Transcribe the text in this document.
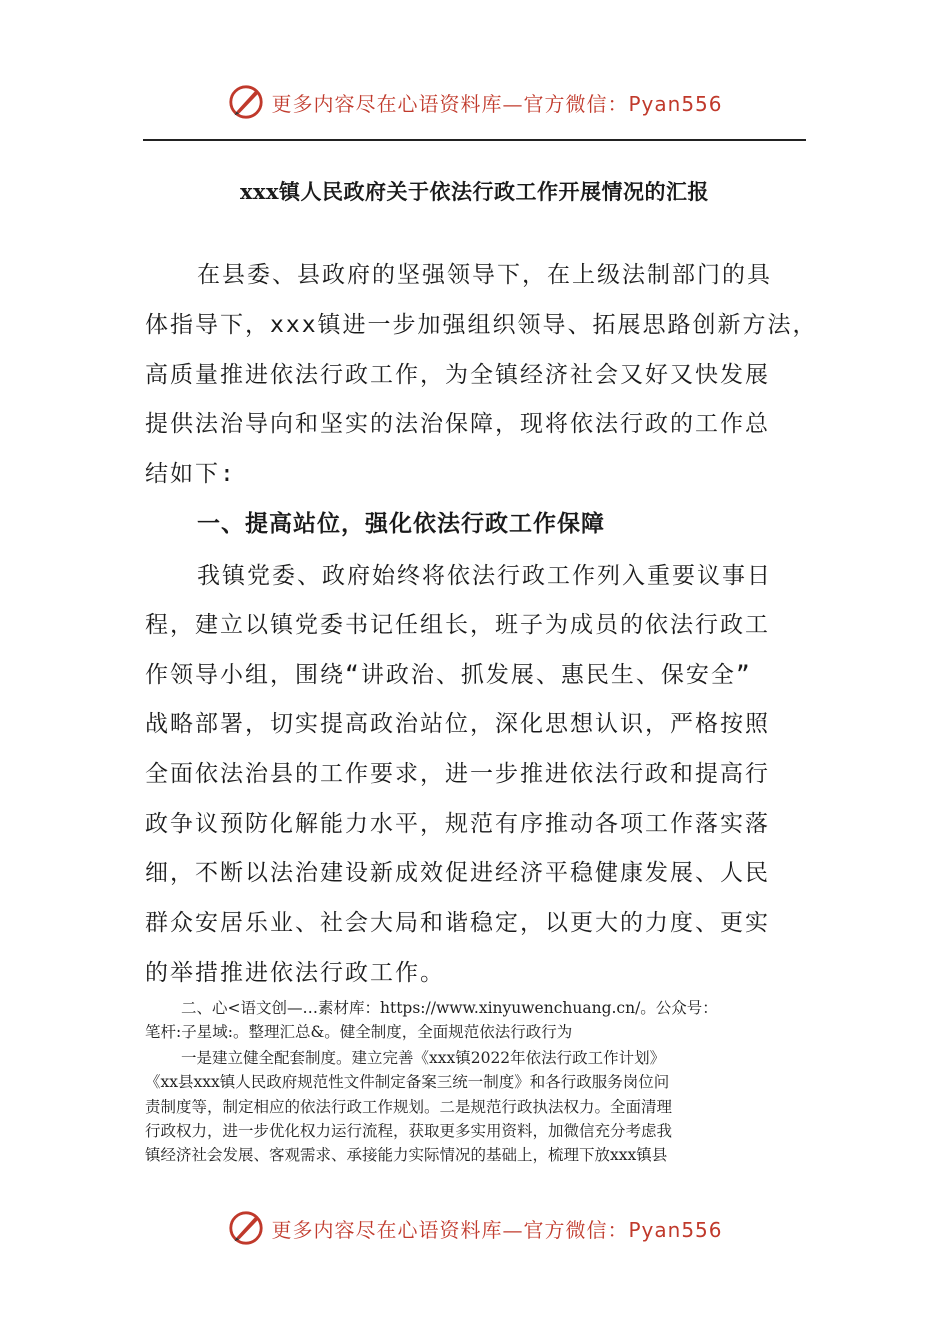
更多内容尽在心语资料库—官方微信：Pyan556
xxx镇人民政府关于依法行政工作开展情况的汇报
在县委、县政府的坚强领导下，在上级法制部门的具
体指导下，xxx镇进一步加强组织领导、拓展思路创新方法，
高质量推进依法行政工作，为全镇经济社会又好又快发展
提供法治导向和坚实的法治保障，现将依法行政的工作总
结如下:
一、提高站位，强化依法行政工作保障
我镇党委、政府始终将依法行政工作列入重要议事日
程，建立以镇党委书记任组长，班子为成员的依法行政工
作领导小组，围绕“讲政治、抓发展、惠民生、保安全”
战略部署，切实提高政治站位，深化思想认识，严格按照
全面依法治县的工作要求，进一步推进依法行政和提高行
政争议预防化解能力水平，规范有序推动各项工作落实落
细，不断以法治建设新成效促进经济平稳健康发展、人民
群众安居乐业、社会大局和谐稳定，以更大的力度、更实
的举措推进依法行政工作。
二、心<语文创—…素材库：https://www.xinyuwenchuang.cn/。公众号：
笔杆:子星域:。整理汇总&。健全制度，全面规范依法行政行为
一是建立健全配套制度。建立完善《xxx镇2022年依法行政工作计划》
《xx县xxx镇人民政府规范性文件制定备案三统一制度》和各行政服务岗位问
责制度等，制定相应的依法行政工作规划。二是规范行政执法权力。全面清理
行政权力，进一步优化权力运行流程，获取更多实用资料，加微信充分考虑我
镇经济社会发展、客观需求、承接能力实际情况的基础上，梳理下放xxx镇县
更多内容尽在心语资料库—官方微信：Pyan556
